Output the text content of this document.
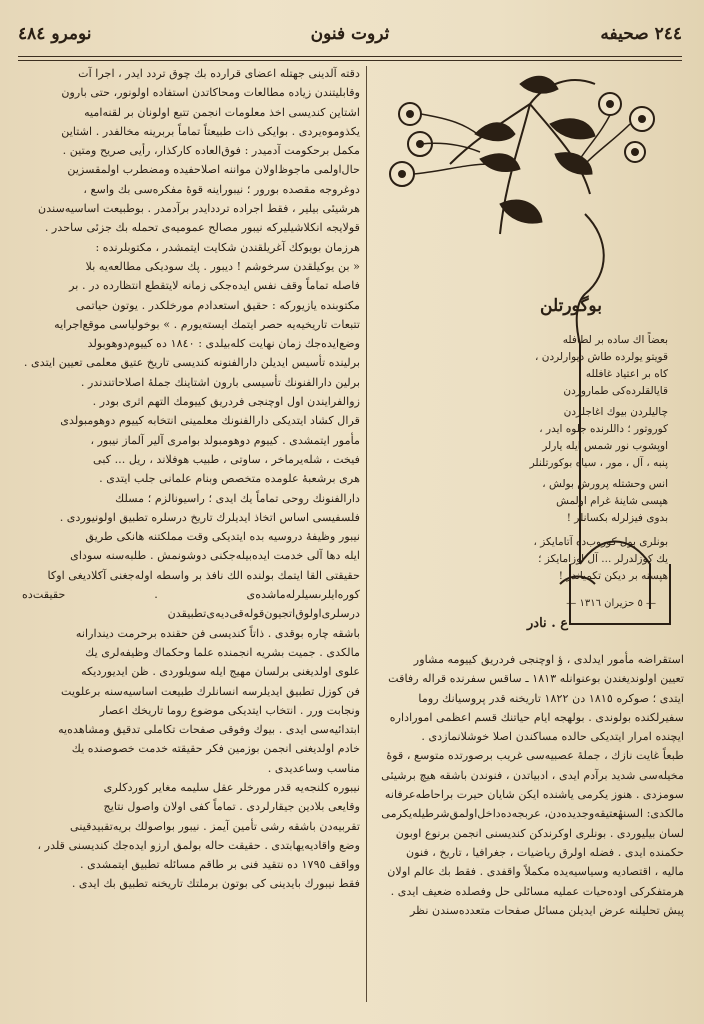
٢٤٤ صحيفه
ثروت فنون
نومرو ٤٨٤

دقته آلدينى جهتله اعضاى قرارده بك چوق تردد ايدر ، اجرا آت

وقابليتندن زياده مطالعات ومحاكاتدن استفاده اولونور، حتى بارون

اشتاين كنديسى اخذ معلومات انجمن تتبع اولونان بر لقنه‌اميه

يكذوموه‌يردى . بوايكى ذات طبيعتاً تماماً بربرينه مخالفدر . اشتاين

مكمل برحكومت آدميدر : فوق‌العاده كاركذار، رأيى صريح ومتين .

حال‌اولمى ماجوظ‌اولان مواننه اصلاحفيده ومضطرب اولمقسزين

دوغروجه مقصده بورور ؛ نيبوراينه قوهٔ مفكره‌سى بك واسع ،

هرشيئى بيلير ، فقط اجراده ترددايدر برآدمدر . بوطبيعت اساسيه‌سندن

قولايجه انكلاشيليركه نيبور مصالح عموميه‌ى تحمله بك جزئى ساحدر .

هرزمان بويوكك آغريلقندن شكايت ايتمشدر ، مكتوبلرنده :

« بن يوكيلقدن سرخوشم ! ديبور . پك سوديكى مطالعه‌يه بلا

فاصله تماماً وقف نفس ايده‌جكى زمانه لايتقطع انتظارده‌ در . بر

مكتوبنده يازيوركه : حقيق استعدادم مورخلكدر . يوتون حياتمى

تتبعات تاريخيه‌يه حصر ايتمك ايسته‌يورم . » بوخولياسى موقع‌اجرايه

وضع‌ايده‌جك زمان نهايت كله‌بيلدى : ١٨٤٠ ده كييوم‌دوهوبولد

برلينده‌ تأسيس ايديلن دارالفنونه كنديسى تاريخ عتيق معلمى تعيين ايتدى .

برلين دارالفنونك تأسيسى بارون اشتاينك جملهٔ اصلاحاتندندر .

زوالفرايندن اول اوچنجى فردريق كييومك التهم اثرى بودر .

قرال كشاد ايتديكى دارالفنونك معلمينى انتخابه كييوم دوهومبولدى

مأمور ايتمشدى . كييوم دوهومبولد بوامرى آلير آلماز نيبور ،

فيخت ، شله‌يرماخر ، ساوتى ، طبيب هوفلاند ، ريل ... كبى

هرى برشعبهٔ علومده متخصص وبنام علمانى جلب ايتدى .

دارالفنونك روحى تماماً يك ايدى ؛ راسيونالزم ؛ مسلك

فلسفيسى اساس اتخاذ ايديلرك تاريخ درسلره تطبيق اولونيوردى .

نيبور وظيفهٔ دروسيه بده ايتديكى وقت مملكتنه هانكى طريق

ايله دها آلى خدمت ايده‌بيله‌جكنى دوشونمش . طلبه‌سنه سوداى

حقيقتى القا ايتمك بولنده الك نافذ بر واسطه اوله‌جغنى آكلاديغى اوكا

كوره‌ايلرىسيلرله‌ماشده‌ى . حقيقت‌ده‌ درسلرى‌اولوق‌اتجيون‌قوله‌قى‌ديه‌ى‌تطبيقدن

باشقه چاره بوقدى . ذاتاً كنديسى فن حقنده برحرمت ديندارانه

مالكدى . جميت بشريه انجمنده علما وحكماك وظيفه‌لرى يك

علوى اولديغنى برلسان مهيج ايله سويلوردى . ظن ايديورديكه

فن كوزل تطبيق ايديلرسه انسانلرك طبيعت اساسيه‌سنه برعلويت

ونجابت ورر . انتخاب ايتديكى موضوع روما تاريخك اعصار

ابتدائيه‌سى ايدى . بيوك وفوقى صفحات تكاملى تدقيق ومشاهده‌يه

خادم اولديغنى انجمن بوزمين فكر حقيقته خدمت خصوصنده يك

مناسب وساعديدى .

نيبوره كلنجه‌يه قدر مورخلر عقل سليمه مغاير كوردكلرى

وقايعى بلادين جيقارلردى . تماماً كفى اولان واصول نتايج

تقربيه‌دن باشقه رشى تأمين آيمز . نيبور بواصولك بريه‌تقبيدقينى

وضع واقاديه‌يهابتدى . حقيقت حاله بولمق ارزو ايده‌جك كنديسنى قلدر ،

وواقف ١٧٩٥ ده نتقيد فنى بر طاقم مسائله تطبيق ايتمشدى .

فقط نيبورك بايدينى كى بوتون برملتك تاريخنه تطبيق بك ايدى .

بوگورتلن
بعضاً اك ساده بر لطافله
قويتو يولرده طاش ديوارلردن ،
كاه بر اعتياد غافلله
قايالقلرده‌كى طماروردن
چاليلردن بيوك اغاجلردن
كوروتور ؛ داللرنده جلوه ايدر ،
اوپشوب نور شمس ايله يارلر
پنبه ، آل ، مور ، سياه بوكورتلنلر
انس وحشتله پرورش بولش ،
هپسى شاينهٔ غرام اولمش
بدوى فيزلرله بكسانلر !
بونلرى بول كوروب‌ده آتامايكز ،
يك كوزلدرلر ... آل اوزامايكز ؛
هپسنه بر ديكن تكمياندر !
— ٥ حزيران ١٣١٦ —
ع . نادر

استقراضه مأمور ايدلدى ، ؤ اوچنجى فردريق كييومه مشاور

تعيين اولونديغندن بوعنوانله ١٨١٣ ـ ساقس سفرنده قراله رفاقت

ايتدى ؛ صوكره ١٨١٥ دن ١٨٢٢ تاريخنه قدر پروسيانك روما

سفيرلكنده بولوندى . بولهجه ايام حياتنك قسم اعظمى اموراداره

ايچنده امرار ايتديكى حالده مساكندن اصلا خوشلانمازدى .

طبعاً غايت نازك ، جملهٔ عصبيه‌سى غريب برصورتده متوسع ، قوهٔ

مخيله‌سى شديد برآدم ايدى ، ادبياتدن ، فنوندن باشقه هيچ برشيئى

سومزدى . هنوز يكرمى ياشنده ايكن شايان حيرت براحاطه‌عرفانه

مالكدى: السنهٔعتيقه‌وجديده‌دن، عربجه‌ده‌داخل‌اولمق‌شرطيله‌يكرمى

لسان بيليوردى . بونلرى اوكرندكن كنديسنى انجمن برنوع اوبون

حكمنده ايدى . فضله اولرق رياضيات ، جغرافيا ، تاريخ ، فنون

ماليه ، اقتصاديه وسياسيه‌يده مكملاً واقفدى . فقط بك عالم اولان

هرمتفكركى اوده‌حيات عمليه‌ مسائلى حل وفصلده ضعيف ايدى .

پيش تحليلنه عرض ايديلن مسائل صفحات متعدده‌سندن نظر
